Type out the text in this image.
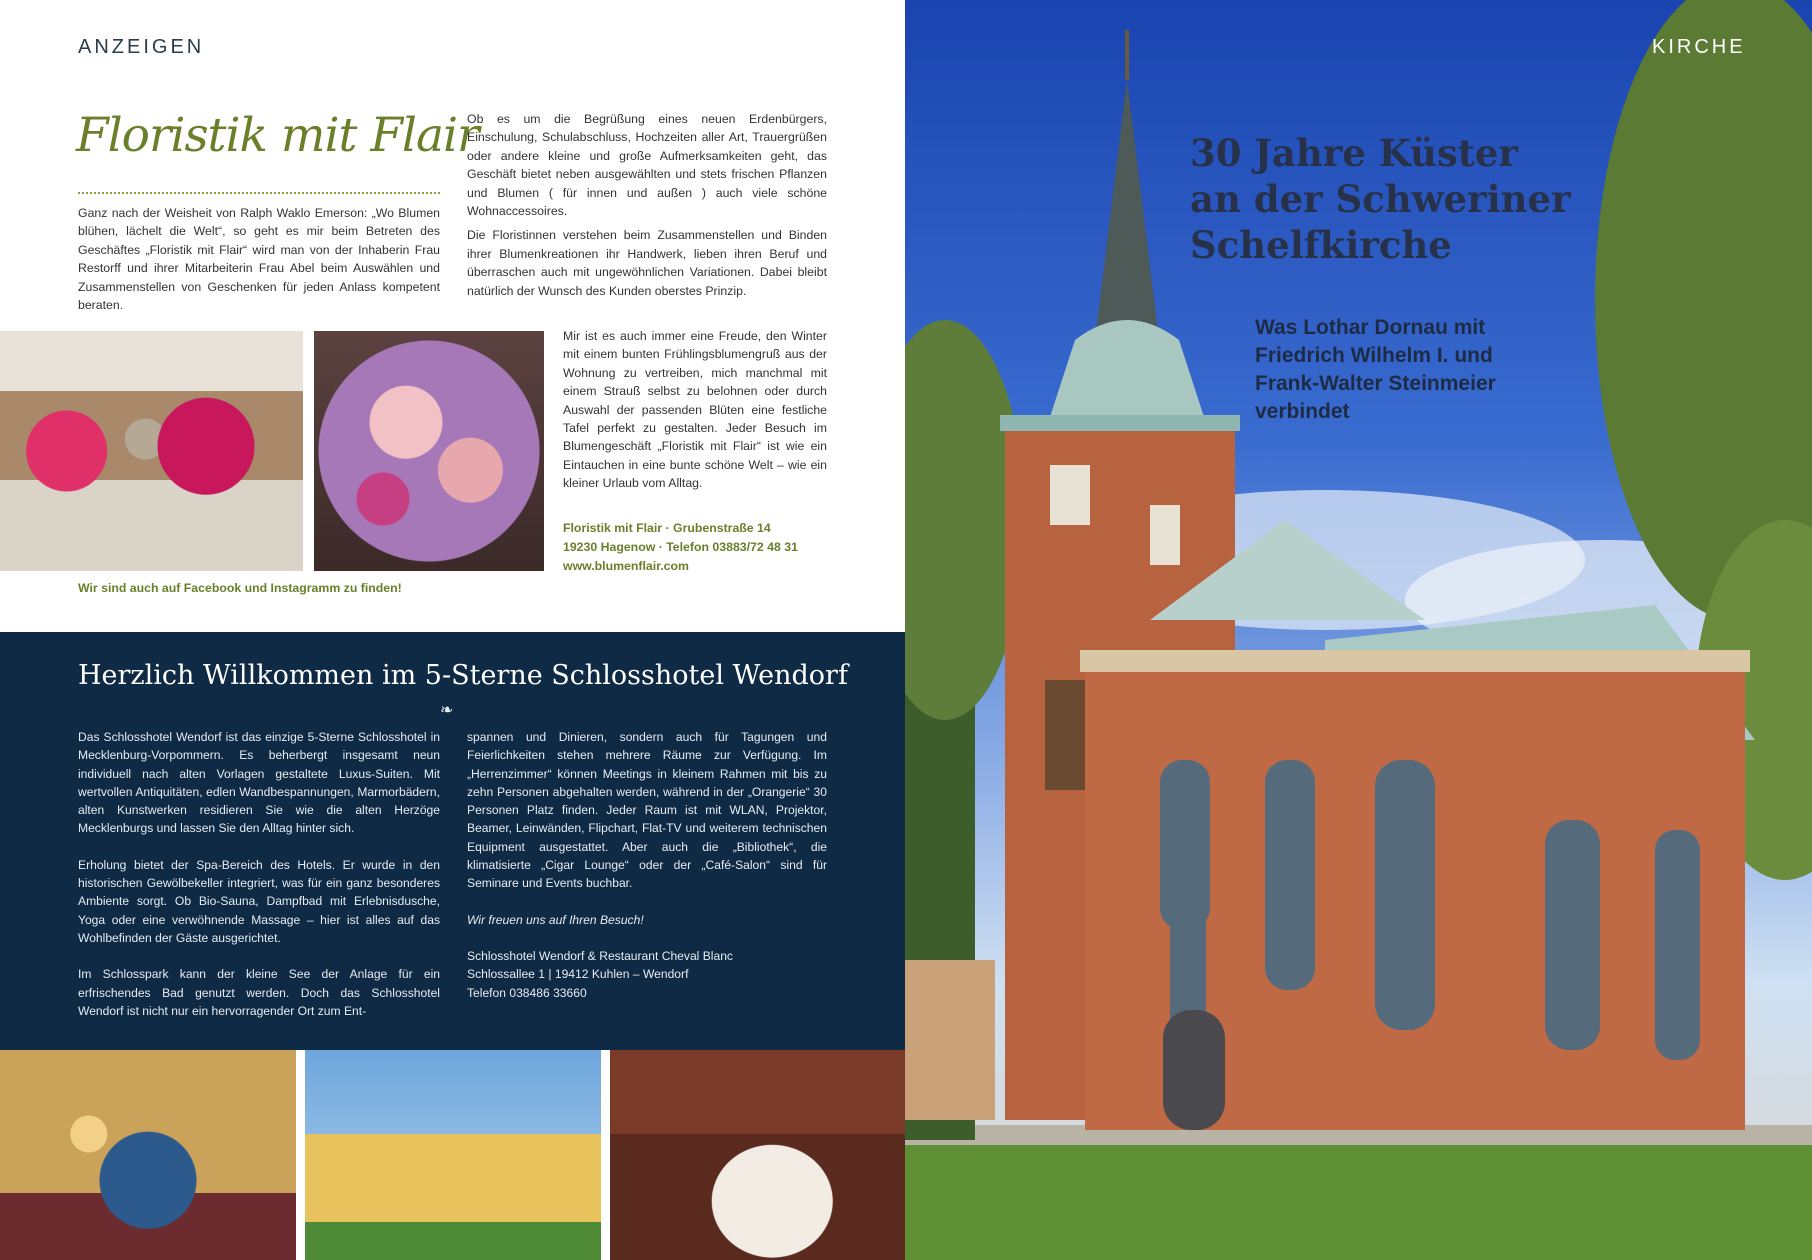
ANZEIGEN
Floristik mit Flair
Ganz nach der Weisheit von Ralph Waklo Emerson: „Wo Blumen blühen, lächelt die Welt“, so geht es mir beim Betreten des Geschäftes „Floristik mit Flair“ wird man von der Inhaberin Frau Restorff und ihrer Mitarbeiterin Frau Abel beim Auswählen und Zusammenstellen von Geschenken für jeden Anlass kompetent beraten.

Ob es um die Begrüßung eines neuen Erdenbürgers, Einschulung, Schulabschluss, Hochzeiten aller Art, Trauergrüßen oder andere kleine und große Aufmerksamkeiten geht, das Geschäft bietet neben ausgewählten und stets frischen Pflanzen und Blumen ( für innen und außen ) auch viele schöne Wohnaccessoires.

Die Floristinnen verstehen beim Zusammenstellen und Binden ihrer Blumenkreationen ihr Handwerk, lieben ihren Beruf und überraschen auch mit ungewöhnlichen Variationen. Dabei bleibt natürlich der Wunsch des Kunden oberstes Prinzip.

Mir ist es auch immer eine Freude, den Winter mit einem bunten Frühlingsblumengruß aus der Wohnung zu vertreiben, mich manchmal mit einem Strauß selbst zu belohnen oder durch Auswahl der passenden Blüten eine festliche Tafel perfekt zu gestalten. Jeder Besuch im Blumengeschäft „Floristik mit Flair“ ist wie ein Eintauchen in eine bunte schöne Welt – wie ein kleiner Urlaub vom Alltag.

Floristik mit Flair · Grubenstraße 14
19230 Hagenow · Telefon 03883/72 48 31
www.blumenflair.com
Wir sind auch auf Facebook und Instagramm zu finden!
Herzlich Willkommen im 5-Sterne Schlosshotel Wendorf
❧

Das Schlosshotel Wendorf ist das einzige 5-Sterne Schlosshotel in Mecklenburg-Vorpommern. Es beherbergt insgesamt neun individuell nach alten Vorlagen gestaltete Luxus-Suiten. Mit wertvollen Antiquitäten, edlen Wandbespannungen, Marmorbädern, alten Kunstwerken residieren Sie wie die alten Herzöge Mecklenburgs und lassen Sie den Alltag hinter sich.

Erholung bietet der Spa-Bereich des Hotels. Er wurde in den historischen Gewölbekeller integriert, was für ein ganz besonderes Ambiente sorgt. Ob Bio-Sauna, Dampfbad mit Erlebnisdusche, Yoga oder eine verwöhnende Massage – hier ist alles auf das Wohlbefinden der Gäste ausgerichtet.

Im Schlosspark kann der kleine See der Anlage für ein erfrischendes Bad genutzt werden. Doch das Schlosshotel Wendorf ist nicht nur ein hervorragender Ort zum Ent-

spannen und Dinieren, sondern auch für Tagungen und Feierlichkeiten stehen mehrere Räume zur Verfügung. Im „Herrenzimmer“ können Meetings in kleinem Rahmen mit bis zu zehn Personen abgehalten werden, während in der „Orangerie“ 30 Personen Platz finden. Jeder Raum ist mit WLAN, Projektor, Beamer, Leinwänden, Flipchart, Flat-TV und weiterem technischen Equipment ausgestattet. Aber auch die „Bibliothek“, die klimatisierte „Cigar Lounge“ oder der „Café-Salon“ sind für Seminare und Events buchbar.

Wir freuen uns auf Ihren Besuch!

Schlosshotel Wendorf & Restaurant Cheval Blanc
Schlossallee 1 | 19412 Kuhlen – Wendorf
Telefon 038486 33660
KIRCHE
30 Jahre Küster
an der Schweriner
Schelfkirche
Was Lothar Dornau mit
Friedrich Wilhelm I. und
Frank-Walter Steinmeier
verbindet
